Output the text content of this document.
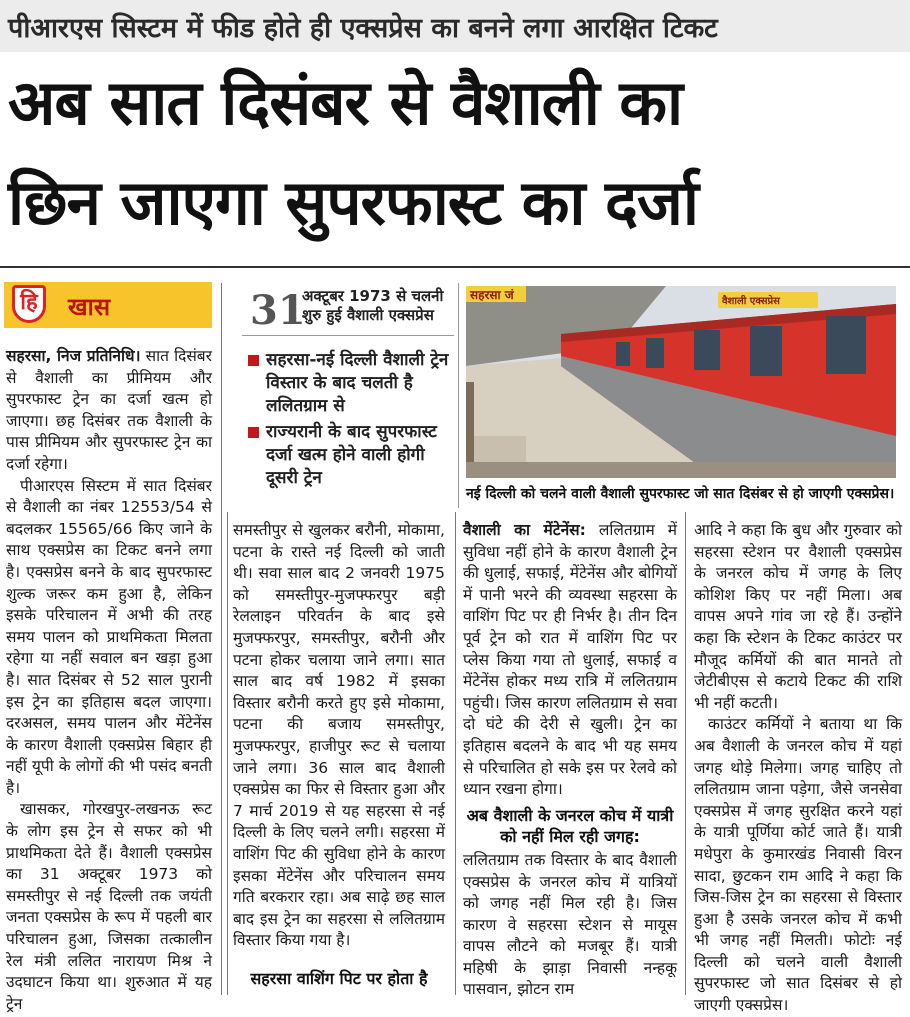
पीआरएस सिस्टम में फीड होते ही एक्सप्रेस का बनने लगा आरक्षित टिकट
अब सात दिसंबर से वैशाली का
छिन जाएगा सुपरफास्ट का दर्जा
हि	खास

सहरसा, निज प्रतिनिधि। सात दिसंबर से वैशाली का प्रीमियम और सुपरफास्ट ट्रेन का दर्जा खत्म हो जाएगा। छह दिसंबर तक वैशाली के पास प्रीमियम और सुपरफास्ट ट्रेन का दर्जा रहेगा।

पीआरएस सिस्टम में सात दिसंबर से वैशाली का नंबर 12553/54 से बदलकर 15565/66 किए जाने के साथ एक्सप्रेस का टिकट बनने लगा है। एक्सप्रेस बनने के बाद सुपरफास्ट शुल्क जरूर कम हुआ है, लेकिन इसके परिचालन में अभी की तरह समय पालन को प्राथमिकता मिलता रहेगा या नहीं सवाल बन खड़ा हुआ है। सात दिसंबर से 52 साल पुरानी इस ट्रेन का इतिहास बदल जाएगा। दरअसल, समय पालन और मेंटेनेंस के कारण वैशाली एक्सप्रेस बिहार ही नहीं यूपी के लोगों की भी पसंद बनती है।

खासकर, गोरखपुर-लखनऊ रूट के लोग इस ट्रेन से सफर को भी प्राथमिकता देते हैं। वैशाली एक्सप्रेस का 31 अक्टूबर 1973 को समस्तीपुर से नई दिल्ली तक जयंती जनता एक्सप्रेस के रूप में पहली बार परिचालन हुआ, जिसका तत्कालीन रेल मंत्री ललित नारायण मिश्र ने उदघाटन किया था। शुरुआत में यह ट्रेन

31
अक्टूबर 1973 से चलनी शुरु हुई वैशाली एक्सप्रेस
सहरसा-नई दिल्ली वैशाली ट्रेन विस्तार के बाद चलती है ललितग्राम से
राज्यरानी के बाद सुपरफास्ट दर्जा खत्म होने वाली होगी दूसरी ट्रेन
सहरसा जं	वैशाली एक्सप्रेस
नई दिल्ली को चलने वाली वैशाली सुपरफास्ट जो सात दिसंबर से हो जाएगी एक्सप्रेस।

समस्तीपुर से खुलकर बरौनी, मोकामा, पटना के रास्ते नई दिल्ली को जाती थी। सवा साल बाद 2 जनवरी 1975 को समस्तीपुर-मुजफ्फरपुर बड़ी रेललाइन परिवर्तन के बाद इसे मुजफ्फरपुर, समस्तीपुर, बरौनी और पटना होकर चलाया जाने लगा। सात साल बाद वर्ष 1982 में इसका विस्तार बरौनी करते हुए इसे मोकामा, पटना की बजाय समस्तीपुर, मुजफ्फरपुर, हाजीपुर रूट से चलाया जाने लगा। 36 साल बाद वैशाली एक्सप्रेस का फिर से विस्तार हुआ और 7 मार्च 2019 से यह सहरसा से नई दिल्ली के लिए चलने लगी। सहरसा में वाशिंग पिट की सुविधा होने के कारण इसका मेंटेनेंस और परिचालन समय गति बरकरार रहा। अब साढ़े छह साल बाद इस ट्रेन का सहरसा से ललितग्राम विस्तार किया गया है।

सहरसा वाशिंग पिट पर होता है

वैशाली का मेंटेनेंस: ललितग्राम में सुविधा नहीं होने के कारण वैशाली ट्रेन की धुलाई, सफाई, मेंटेनेंस और बोगियों में पानी भरने की व्यवस्था सहरसा के वाशिंग पिट पर ही निर्भर है। तीन दिन पूर्व ट्रेन को रात में वाशिंग पिट पर प्लेस किया गया तो धुलाई, सफाई व मेंटेनेंस होकर मध्य रात्रि में ललितग्राम पहुंची। जिस कारण ललितग्राम से सवा दो घंटे की देरी से खुली। ट्रेन का इतिहास बदलने के बाद भी यह समय से परिचालित हो सके इस पर रेलवे को ध्यान रखना होगा।

अब वैशाली के जनरल कोच में यात्री को नहीं मिल रही जगह:

ललितग्राम तक विस्तार के बाद वैशाली एक्सप्रेस के जनरल कोच में यात्रियों को जगह नहीं मिल रही है। जिस कारण वे सहरसा स्टेशन से मायूस वापस लौटने को मजबूर हैं। यात्री महिषी के झाड़ा निवासी नन्हकू पासवान, झोटन राम

आदि ने कहा कि बुध और गुरुवार को सहरसा स्टेशन पर वैशाली एक्सप्रेस के जनरल कोच में जगह के लिए कोशिश किए पर नहीं मिला। अब वापस अपने गांव जा रहे हैं। उन्होंने कहा कि स्टेशन के टिकट काउंटर पर मौजूद कर्मियों की बात मानते तो जेटीबीएस से कटाये टिकट की राशि भी नहीं कटती।

काउंटर कर्मियों ने बताया था कि अब वैशाली के जनरल कोच में यहां जगह थोड़े मिलेगा। जगह चाहिए तो ललितग्राम जाना पड़ेगा, जैसे जनसेवा एक्सप्रेस में जगह सुरक्षित करने यहां के यात्री पूर्णिया कोर्ट जाते हैं। यात्री मधेपुरा के कुमारखंड निवासी विरन सादा, छुटकन राम आदि ने कहा कि जिस-जिस ट्रेन का सहरसा से विस्तार हुआ है उसके जनरल कोच में कभी भी जगह नहीं मिलती। फोटोः नई दिल्ली को चलने वाली वैशाली सुपरफास्ट जो सात दिसंबर से हो जाएगी एक्सप्रेस।
